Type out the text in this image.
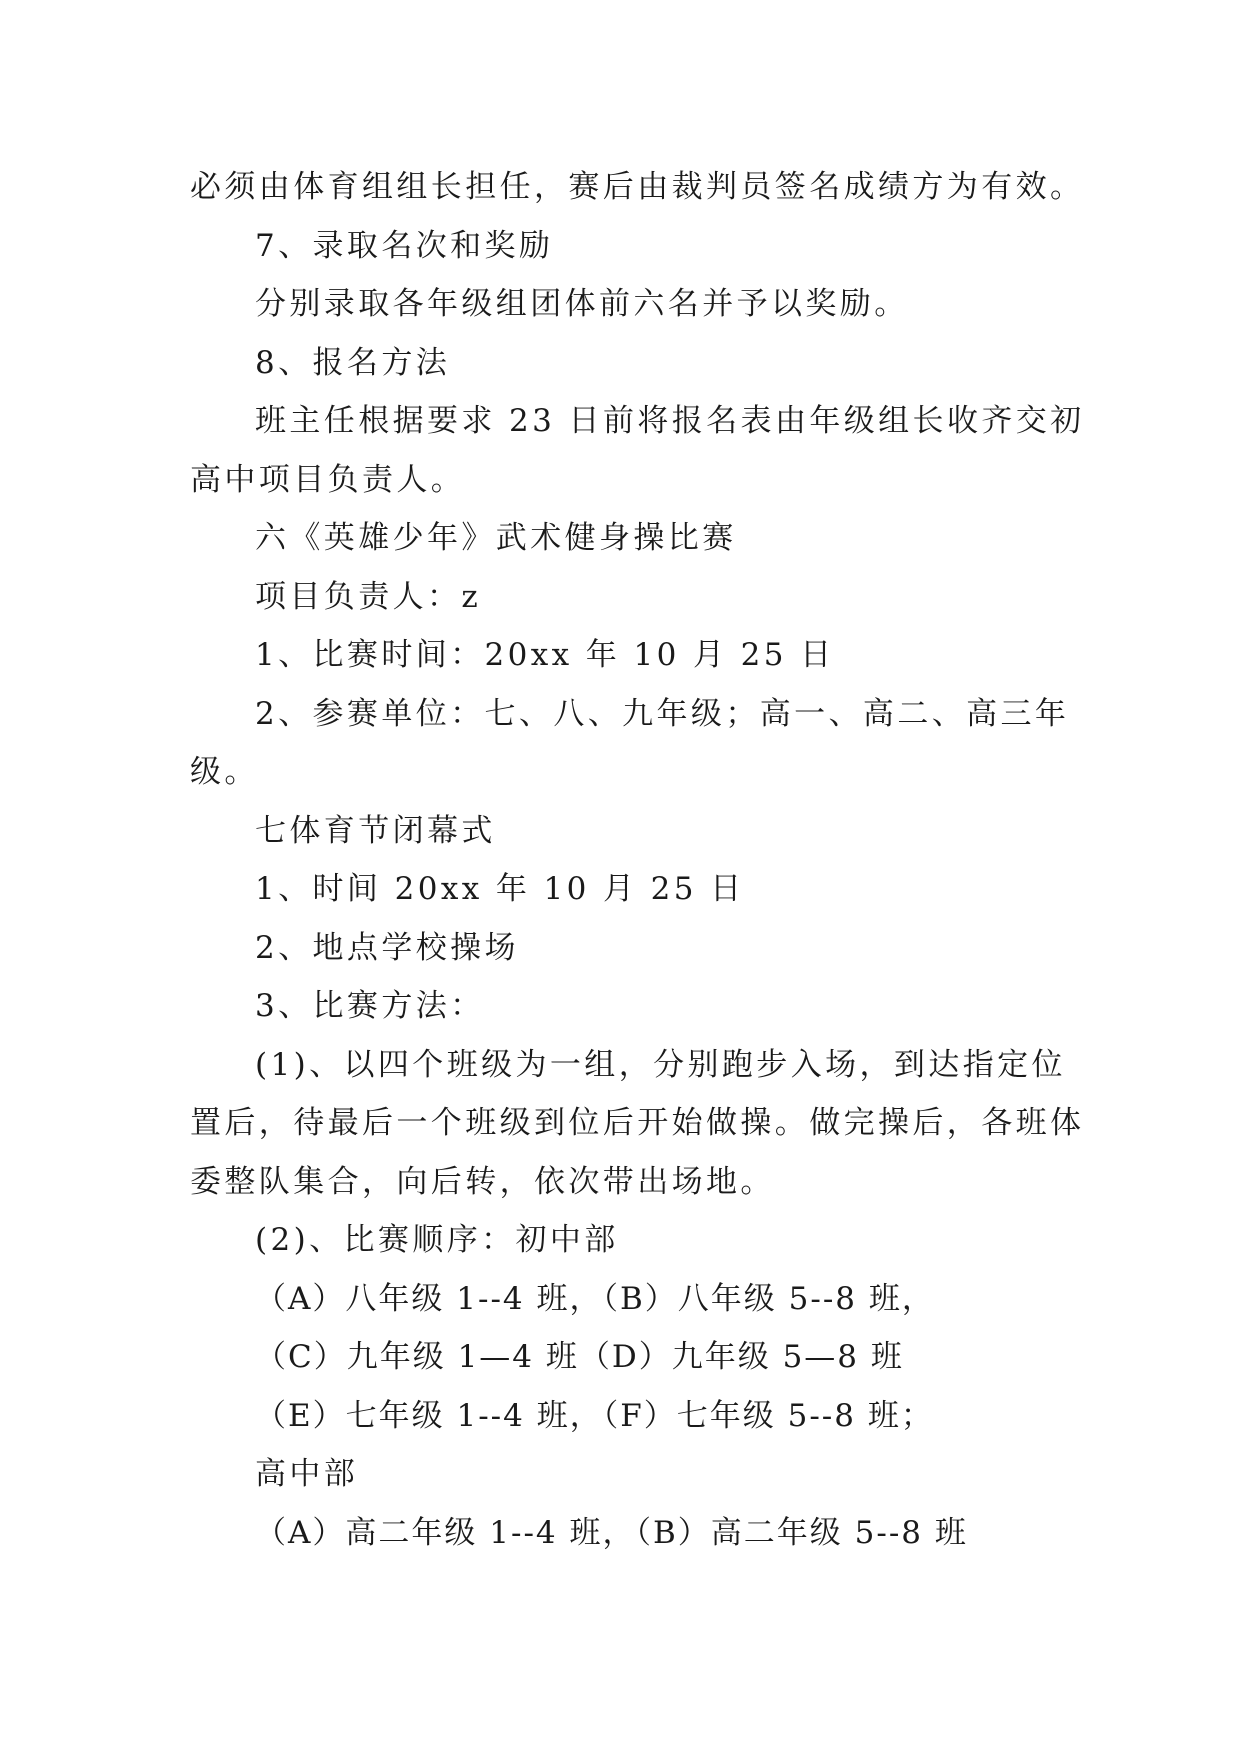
必须由体育组组长担任，赛后由裁判员签名成绩方为有效。
7、录取名次和奖励
分别录取各年级组团体前六名并予以奖励。
8、报名方法
班主任根据要求 23 日前将报名表由年级组长收齐交初
高中项目负责人。
六《英雄少年》武术健身操比赛
项目负责人：z
1、比赛时间：20xx 年 10 月 25 日
2、参赛单位：七、八、九年级；高一、高二、高三年
级。
七体育节闭幕式
1、时间 20xx 年 10 月 25 日
2、地点学校操场
3、比赛方法：
(1)、以四个班级为一组，分别跑步入场，到达指定位
置后，待最后一个班级到位后开始做操。做完操后，各班体
委整队集合，向后转，依次带出场地。
(2)、比赛顺序：初中部
（A）八年级 1--4 班，（B）八年级 5--8 班，
（C）九年级 1—4 班（D）九年级 5—8 班
（E）七年级 1--4 班，（F）七年级 5--8 班；
高中部
（A）高二年级 1--4 班，（B）高二年级 5--8 班
